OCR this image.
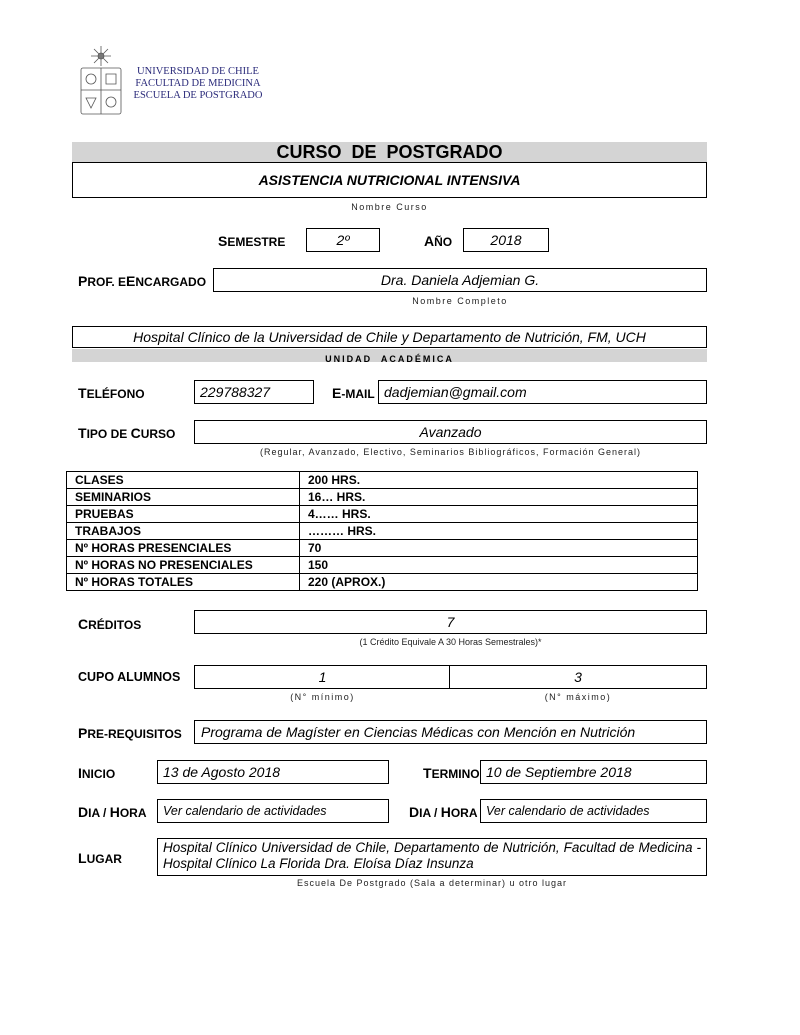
UNIVERSIDAD DE CHILE
FACULTAD DE MEDICINA
ESCUELA DE POSTGRADO
CURSO  DE  POSTGRADO
ASISTENCIA NUTRICIONAL INTENSIVA
Nombre Curso
SEMESTRE	2º	AÑO	2018
PROF. EENCARGADO	Dra. Daniela Adjemian G.
Nombre Completo
Hospital Clínico de la Universidad de Chile y Departamento de Nutrición, FM, UCH
UNIDAD  ACADÉMICA
TELÉFONO	229788327	E-MAIL dadjemian@gmail.com
TIPO DE CURSO	Avanzado
(Regular, Avanzado, Electivo, Seminarios Bibliográficos, Formación General)
CLASES	200 HRS.
SEMINARIOS	16… HRS.
PRUEBAS	4…… HRS.
TRABAJOS	……… HRS.
Nº HORAS PRESENCIALES	70
Nº HORAS NO PRESENCIALES	150
Nº HORAS TOTALES	220 (APROX.)
CRÉDITOS	7
(1 Crédito Equivale A 30 Horas Semestrales)*
CUPO ALUMNOS	1	3
(N° mínimo)	(N° máximo)
PRE-REQUISITOS	Programa de Magíster en Ciencias Médicas con Mención en Nutrición
INICIO	13 de Agosto 2018	TERMINO 10 de Septiembre 2018
DIA / HORA	Ver calendario de actividades	DIA / HORA Ver calendario de actividades
LUGAR
Hospital Clínico Universidad de Chile, Departamento de Nutrición, Facultad de Medicina - Hospital Clínico La Florida Dra. Eloísa Díaz Insunza
Escuela De Postgrado (Sala a determinar) u otro lugar
